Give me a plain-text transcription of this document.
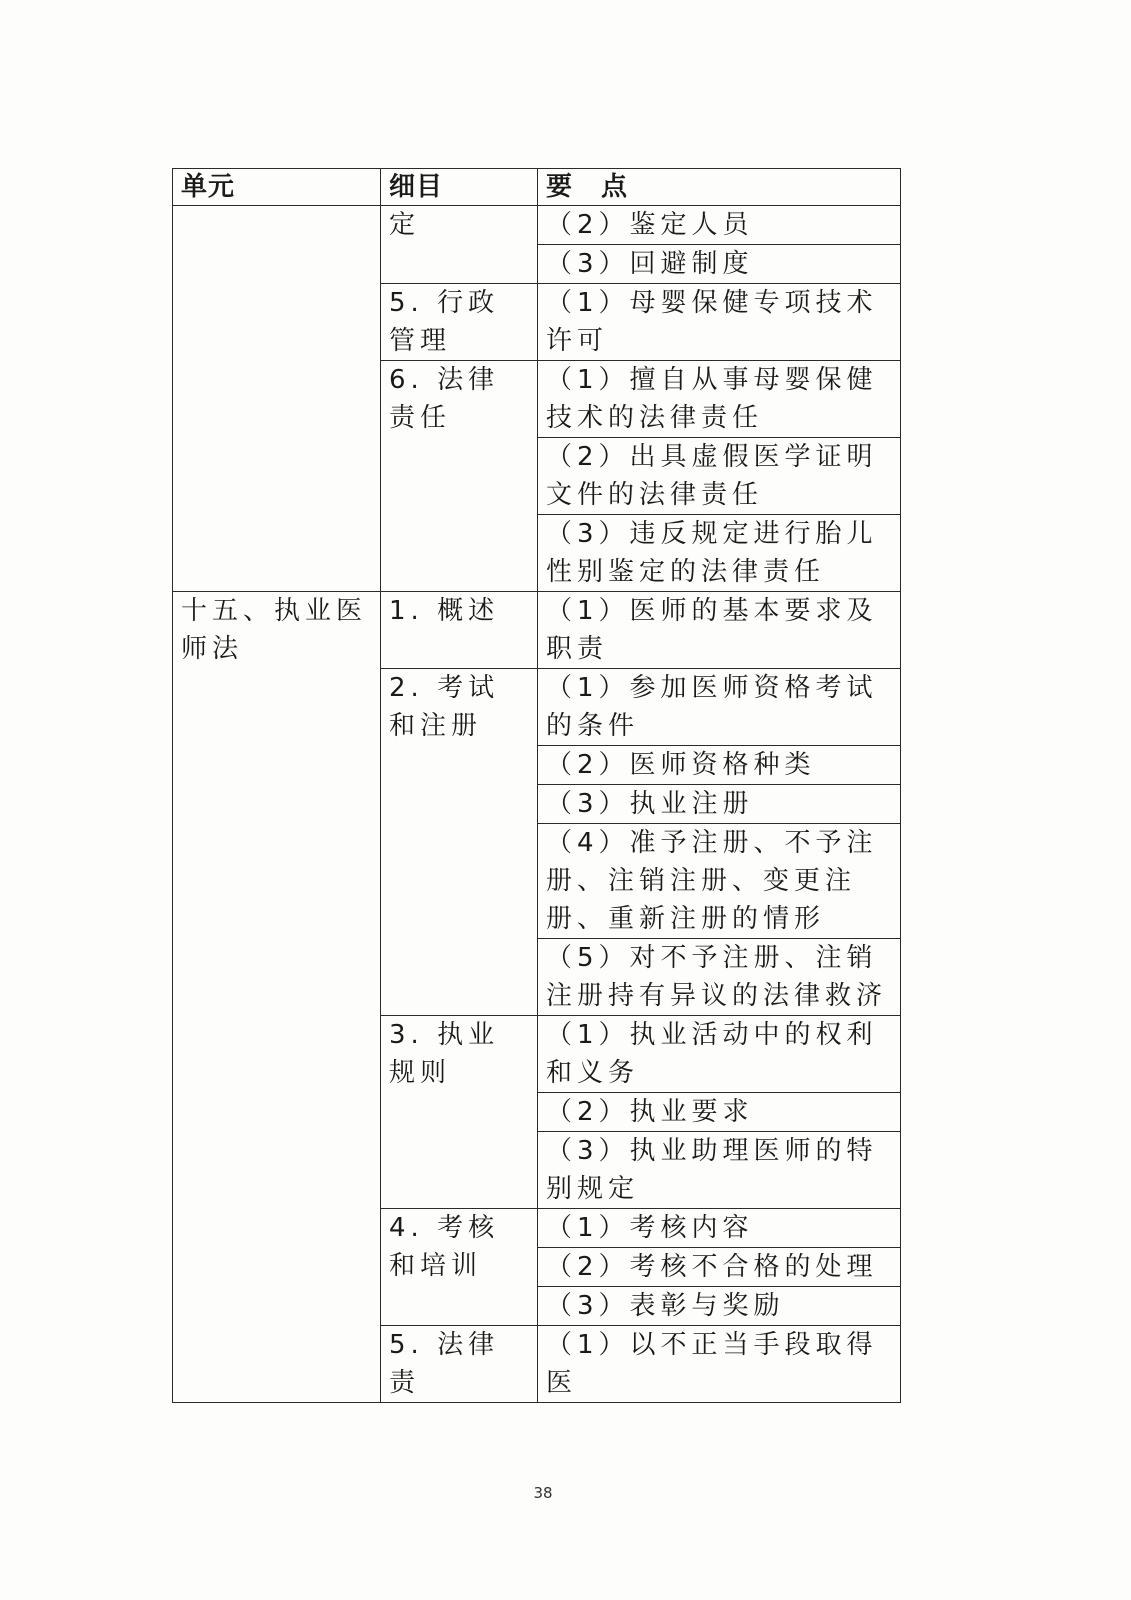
单元	细目	要 点
	定	（2）鉴定人员
		（3）回避制度
	5. 行政管理	（1）母婴保健专项技术许可
	6. 法律责任	（1）擅自从事母婴保健技术的法律责任
		（2）出具虚假医学证明文件的法律责任
		（3）违反规定进行胎儿性别鉴定的法律责任
十五、执业医师法	1. 概述	（1）医师的基本要求及职责
	2. 考试和注册	（1）参加医师资格考试的条件
		（2）医师资格种类
		（3）执业注册
		（4）准予注册、不予注册、注销注册、变更注册、重新注册的情形
		（5）对不予注册、注销注册持有异议的法律救济
	3. 执业规则	（1）执业活动中的权利和义务
		（2）执业要求
		（3）执业助理医师的特别规定
	4. 考核和培训	（1）考核内容
		（2）考核不合格的处理
		（3）表彰与奖励
	5. 法律责	（1）以不正当手段取得医
38
